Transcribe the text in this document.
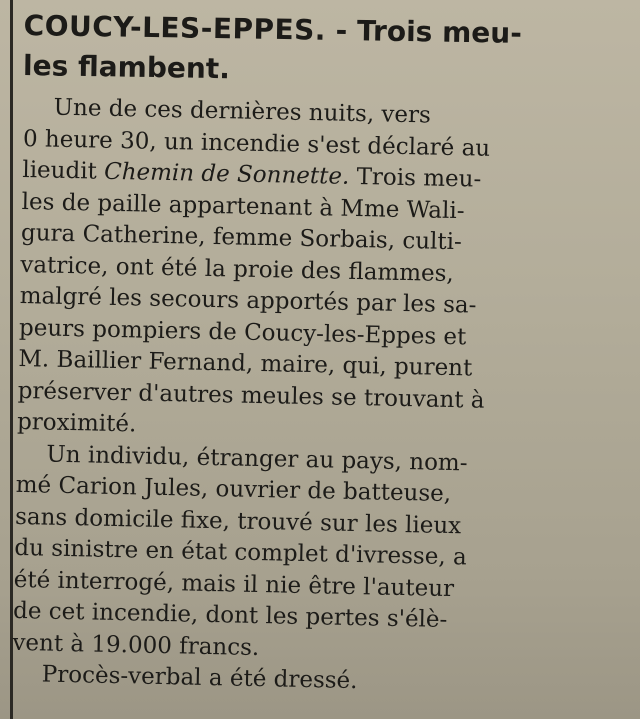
COUCY-LES-EPPES. - Trois meu-
les flambent.
Une de ces dernières nuits, vers
0 heure 30, un incendie s'est déclaré au
lieudit Chemin de Sonnette. Trois meu-
les de paille appartenant à Mme Wali-
gura Catherine, femme Sorbais, culti-
vatrice, ont été la proie des flammes,
malgré les secours apportés par les sa-
peurs pompiers de Coucy-les-Eppes et
M. Baillier Fernand, maire, qui, purent
préserver d'autres meules se trouvant à
proximité.
Un individu, étranger au pays, nom-
mé Carion Jules, ouvrier de batteuse,
sans domicile fixe, trouvé sur les lieux
du sinistre en état complet d'ivresse, a
été interrogé, mais il nie être l'auteur
de cet incendie, dont les pertes s'élè-
vent à 19.000 francs.
Procès-verbal a été dressé.
